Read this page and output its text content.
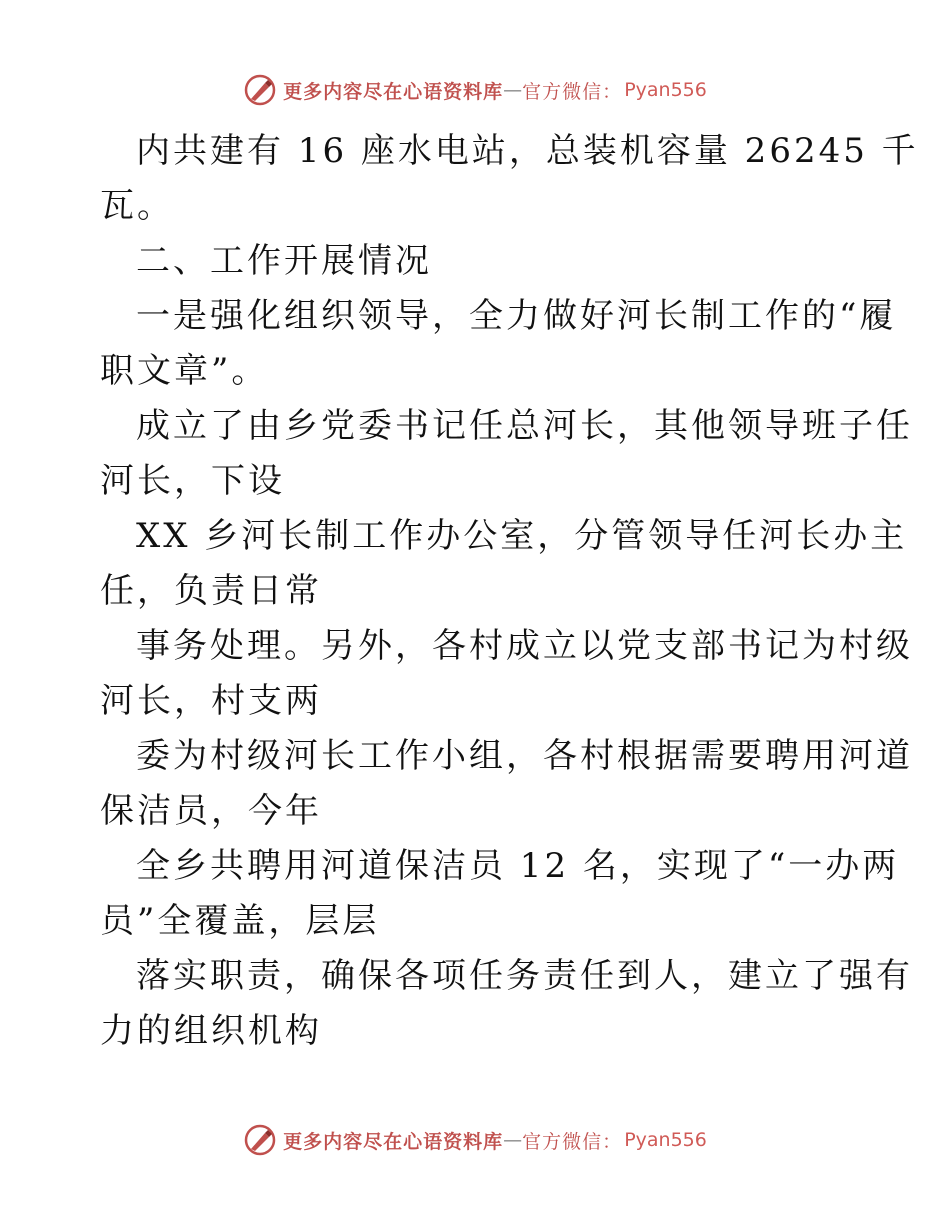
更多内容尽在心语资料库 — 官方微信： Pyan556
内共建有 16 座水电站，总装机容量 26245 千
瓦。
二、工作开展情况
一是强化组织领导，全力做好河长制工作的“履
职文章”。
成立了由乡党委书记任总河长，其他领导班子任
河长，下设
XX 乡河长制工作办公室，分管领导任河长办主
任，负责日常
事务处理。另外，各村成立以党支部书记为村级
河长，村支两
委为村级河长工作小组，各村根据需要聘用河道
保洁员，今年
全乡共聘用河道保洁员 12 名，实现了“一办两
员”全覆盖，层层
落实职责，确保各项任务责任到人，建立了强有
力的组织机构
更多内容尽在心语资料库 — 官方微信： Pyan556
